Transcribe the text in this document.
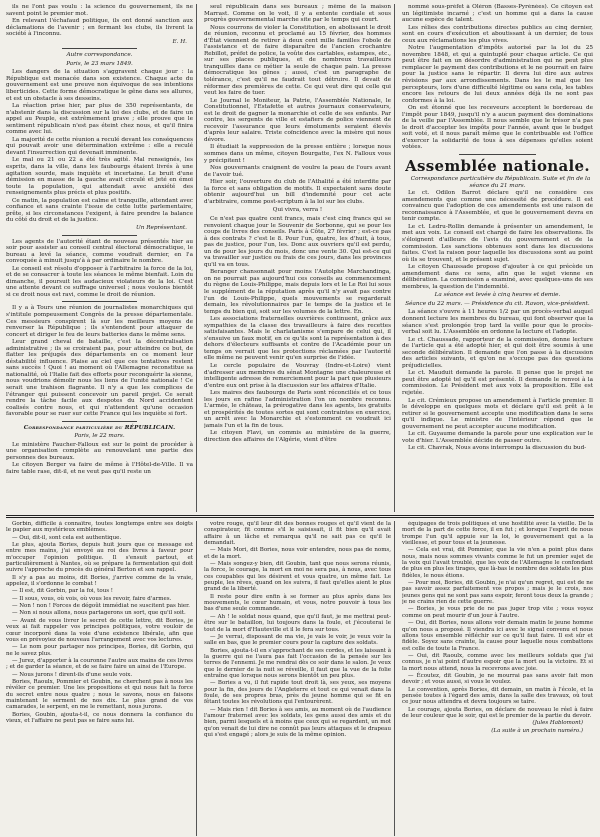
ils ne l'ont pas voulu : la science du gouvernement, ils ne savent point le premier mot.

En relevant l'échafaud politique, ils ont donné sanction aux déclamations de l'avenir ; en fermant les clubs, ils livrent la société à l'inconnu.

E. H.

Autre correspondance.

Paris, le 23 mars 1849.

Les dangers de la situation s'aggravent chaque jour : la République est menacée dans son existence. Chaque acte du gouvernement est une preuve non équivoque de ses intentions liberticides. Cette forme démocratique le gêne dans ses allures, et est un obstacle à ses desseins.

La réaction prise hier, par plus de 350 représentants, de n'abstenir dans la discussion sur la loi des clubs, et de faire un appel au Peuple, est extrêmement grave ; elle prouve que le sentiment républicain n'est pas éteint chez nous, et qu'il finira comme avec lui.

La majorité de cette réunion a reculé devant les conséquences qui pouvait avoir une détermination extrême : elle a reculé devant l'insurrection qui devenait imminente.

Le mal ou 21 ou 22 a été très agité. Mal renseignés, les esprits, dans la ville, dans les faubourgs étaient livrés à une agitation sourde, mais inquiète et incertaine. Le bruit d'une démission en masse de la gauche avait circulé et jeté en émoi toute la population, qui attendait avec anxiété des renseignements plus précis et plus positifs.

Ce matin, la population est calme et tranquille, attendant avec confiance et sans crainte l'issue de cette lutte parlementaire, prête, si les circonstances l'exigent, à faire prendre la balance du côté du droit et de la justice.

Un Représentant.

Les agents de l'autorité étant de nouveau présentés hier au soir pour assister au conseil central électoral démocratique, le bureau a levé la séance, comme voudrait dernier, en l'a convoquée à minuit jusqu'à à par ordinaire le nombre.

Le conseil est résolu d'opposer à l'arbitraire la force de la loi, et de se consacrer à toute les séances le même bienfait. Loin du dimanche, il poursuit les audacieux violateurs de la loi. C'est une attente devant ce suffrage universel ; nous voulons bientôt si ce droit nous est ravi, comme le droit de réunion.

Il y a à Tours une réunion de journalistes monarchiques qui s'intitule pompeusement Congrès de la presse départementale. Ces messieurs conspirent là sur les meilleurs moyens de renverser la République ; ils s'entendent pour attaquer de concert et diriger le feu de leurs batteries dans le même sens.

Leur grand cheval de bataille, c'est la décentralisation administrative ; ils se croiraient pas, pour atteindre ce but, de flatter les préjugés des départements en ce moment leur déstabilité influence. Plaise au ciel que ces tentatives restent sans succès ! Quoi ! au moment où l'Allemagne reconstitue sa nationalité, où l'Italie fait des efforts pour reconquérir la sienne, nous voudrions démolir nous les liens de l'unité nationale ! Ce serait une trahison flagrante. Il n'y a que les complices de l'étranger qui puissent concevoir un pareil projet. Ce serait rendre la tâche facile aux despotes du Nord accidentent coalisés contre nous, et qui n'attendent qu'une occasion favorable pour se ruer sur cette France qui les inquiète si fort.

Correspondance particulière du RÉPUBLICAIN.

Paris, le 22 mars.

Le ministère Faucher-Falloux est sur le point de procéder à une organisation complète au renouvelant une partie des personnes des bureaux.

Le citoyen Berger va faire de même à l'Hôtel-de-Ville. Il va faire table rase, dit-il, et ne veut pas qu'il reste un

seul républicain dans ses bureaux ; même de la maison Marrast. Comme on le voit, il y a entente cordiale et sous progrès gouvernemental marche site par le temps qui court.

Nous courrons de violer la Constitution, en abolissant le droit de réunion, reconnu et proclamé au 15 février, des hommes d'État viennent de retirer à deux cent mille familles l'obole de l'assistance et de faire disparaître de l'ancien crochantre Rebillot, préfet de police, la voûte des cartables, estampes, etc., sur ses places publiques, et de nombreux travailleurs tranquilles dans ce métier la seule de chaque pain. La presse démocratique les gênes ; aussi, c'est un paragraphe de tolérance, c'est qu'il ne faudrait tout détruire. Il devait de réformer des premières de cette. Ce qui veut dire qui celle qui veut les faire de tuer.

Le Journal le Moniteur, la Patrie, l'Assemblée Nationale, le Constitutionnel, l'Estafette et autres journaux conservateurs, est le droit de gagner la monarchie et celle de ses enfants. Par contre, les sergents de ville et estafiers de police viennent de recevoir l'assurance que leurs émoluments seraient élevés d'après leur salaire. Triste coïncidence avec la misère qui nous dévore.

Il étudiait la suppression de la presse entière ; lorsque nous sommes dans un même, citoyen Bourgatte, l'ex N. Falloux vous y précipitent !

Nos gouvernants craignent de voulre la peau de l'ours avant de l'avoir tué.

Hier soir, l'ouverture du club de l'Athalité a été interdite par la force et sans obligation de motifs. Il expectaient sans doute obtenir aujourd'hui un bill d'indemnité pour cet acte d'arbitraire, comme post-scriptum à la loi sur les clubs.

Qui vivra, verra !

Ce n'est pas quatre cent francs, mais c'est cinq francs qui se renvoient chaque jour le Souvenir de Sorbonne, qui se pour les coups de livres des conseils. Paris à Côte, 27 février ; est-ce pas à des contrats ? c'est le 8. Pour l'un, quatre, les d'huit, à tous, pas de justice, pour l'un, les. Donc aux ouvriers qu'il est perdu, un de pour les jours du mois, donc une vente 30. Qui est-ce qui va travailler sur justice ou frais de ces jours, dans les provinces qu'il va en tous.

Beranger chansonnait pour moins l'Autolphe Marchandinga, on ne pourrait pas aujourd'hui ces conseils au commencement du règne de Louis-Philippe, mais depuis lors et le Le Roi lui sous le supplément de la réputation après qu'il n'y avait pas contre l'un de Louis-Philippe, quels mouvements se regarderait demain, les révolutionnaires par le temps de la justice et le temps du bien qui, soit sur les volumes de la lettre. En.

Les associations fraternelles ouvrières continuent, grâce aux sympathies de la classe des travailleurs à faire des recettes satisfaisantes. Mais le charlatanisme s'empare de celui qui, il s'ensuive un faux motif, en ce qu'ils sont la représentation à des dehors d'électeurs suffisants et contre de l'Académie pour un temps on verrait que les protections réclamées par l'autorité elle même ne peuvent venir qu'en surprise de l'idée.

Le cercle populaire de Vouvray (Indre-et-Loire) vient d'adresser aux membres du sénat Montagne une chaleureuse et intelligente adresse de remerciement pour la part que plusieurs d'entre eux ont prise à la discussion sur les affaires d'Italie.

Les maires des faubourgs de Paris sont réconciliés et ce tous les jours en rafine l'administration l'on un nombre reconnu. L'armée, le château, la prérogative dans les agents, les gratuits et prospérités de toutes sortes qui sont contraintes en exercice, un arrêt avec la Monarchie et s'estomment ce voudrait ici jamais l'un et la fin de tous.

Le citoyen Flavi, un commis au ministère de la guerre, direction des affaires de l'Algérie, vient d'être

nommé sous-préfet à Oléron (Basses-Pyrénées). Ce citoyen est un légitimiste incarné ; c'est un homme qui a dans la cause aucune espèce de talent.

Les rélies des contributions directes publics au cinq dernier, sont en cours d'exécution et aboutissant à un dernier, de tous ceux aux réclamations les plus vives.

Notre l'augmentation d'impôts autorisé par la loi du 25 novembre 1848, et qui a quintuplé pour chaque article. Ce qui peut être fait en un désordre d'administration qui ne peut plus remplacer le payment des contributions et le ne pourrait en faire pour la justice sans le répartir. Il devra lui dire aux autres révisions par aux arrondissements. Dans les le mal que les percepteurs, lors d'une difficulté légitime ou sans cela, les tables encore les retours de lui deux années déjà ils ne sont pas conformes à la loi.

On est étonné que les receveurs acceptent le bordereau de l'impôt pour 1849, jusqu'il n'y a aucun payment des dominations de la veille par l'Assemblée. Il nous semble que le trésor n'a pas le droit d'accepter les impôts pour l'année, avant que le budget soit voté, et il nous paraît même que le contribuable est l'office d'exercer la solidarité de tous à ses dépenses qu'elles soient votées.

Assemblée nationale.

Correspondance particulière du Républicain. Suite et fin de la séance du 21 mars.

Le ct. Odilon Barrot déclare qu'il ne considère ces amendements que comme une nécessité de procédure. Il est convaincu que l'adoption de ces amendements est une raison de reconnaissance à l'Assemblée, et que le gouvernement devra en tenir compte.

Le ct. Ledru-Rollin demande à présenter un amendement, le met aux voix. Le conseil est chargé de faire les observations. Ils s'éloignent d'ailleurs de l'avis du gouvernement et de la commission. Les sanctions obtenues sont dans les discussions faites. C'est la raison pour laquelle les discussions sont au point où ils se trouvent, et le présent sujet.

Le citoyen Chaussade propose d'ajouter à ce qui précède un amendement dans ce sens, afin que le sujet vienne en délibération. La commission a examiné, avec quelques-uns de ses membres, la question de l'indemnité.

La séance est levée à cinq heures et demie.

Séance du 22 mars. — Présidence du cit. Ravon, vice-président.

La séance s'ouvre à 11 heures 1/2 par un procès-verbal auquel donnent lecture les membres du bureau, qui font observer que la séance s'est prolongée trop tard la veille pour que le procès-verbal soit lu. L'Assemblée en ordonne la lecture et l'adopte.

Le ct. Chaussade, rapporteur de la commission, donne lecture de l'article qui a été adopté hier, et qui doit être soumis à une seconde délibération. Il demande que l'on passe à la discussion des articles suivants, et qu'on ne s'occupe pas des questions préjudicielles.

Le ct. Mauduit demande la parole. Il pense que le projet ne peut être adopté tel qu'il est présenté. Il demande le renvoi à la commission. Le Président met aux voix la proposition. Elle est rejetée.

Le cit. Crémieux propose un amendement à l'article premier. Il le développe en quelques mots et déclare qu'il est prêt à le retirer si le gouvernement accepte une modification dans le sens qu'il indique. Le ministre de l'intérieur répond que le gouvernement ne peut accepter aucune modification.

Le cit. Guyaume demande la parole pour une explication sur le vote d'hier. L'Assemblée décide de passer outre.

Le cit. Chavrak, Nous avons interrompu la discussion du bud-

Gorbin, difficile à connaître, toutes longtemps entre ses doigts le papier aux mystérieux emblèmes.

— Oui, dit-il, sont cela est authentique.

Le plus, ajouta Bories, depuis huit jours que ce message est entre mes mains, j'ai envoyé au roi des livres à faveur pour m'occuper l'opinion politique. Il s'ensuit partout, et particulièrement à Nantes, où se prépare la fermentation qui doit suivre l'approche du procès du général Berton et son rappel.

Il s'y a pas au moins, dit Bories, j'arrive comme de la vraie, appelez, il s'ordonne le combat !

— Il est, dit Gorbin, par la foi, tous !

— Il sous, vous, où vois, où vous les revoir, faire d'armes.

— Non ! non ! Forces de dégoût immédiat ne suscitent pas hier.

— Non si nous allons, nous partagerons un sort, que qu'il soit.

— Avant de vous livrer le secret de cette lettre, dit Bories, je veux ai fait rappeler vos principes politiques, votre vouloir de cœur incorporé dans la voie d'une existence libérale, afin que vous en prévoyiez de nouveau l'arrangement avec vos lectures.

— Le nom pour partager nos principes, Bories, dit Gorbin, qui ne le savez plus.

— Jurez, d'apporter à la couronne l'autre aux mains de ces livres ; et de garder la séance, et de se faire faire un ainsi de l'Europe.

— Nous jurons ! dirent-ils d'une seule voix.

Bories, Raoulx, Pommier et Goubin, ne cherchent pas à nous les révéler ce premier. Une les propositions et qui nous fait la force du secret entre nous quatre ; nous le savons, nous en faisons maintenant le serment de nos dix. Le plus grand de vos camarades, le serpent, en me le remettant, nous jurons.

Bories, Goubin, ajouta-t-il, ce nous donnera la confiance du vieux, et l'affaire ne peut pas se faire sans lui.

votre rouge, qu'il leur dit des bonnes rouges et qu'il vient de la conspirateur, fit comme s'il le saisissait, il fit bien qu'il avait affaire à un lâche et remarqua qu'il ne sait pas ce qu'il le demandait.

— Mais Mori, dit Bories, nous voir entendre, nous pas de noms, et de la mort.

— Mais songez-y bien, dit Goubin, tant que nous serons réunis, la force, le courage, la mort en moi ne sera pas, à nous, avec tous ces coupables qui les désirent et vous quatre, un même fait. Le peuple, les rêves, quand on les suivra, il faut qu'elles aient le plus grand de la liberté.

Il reste pour dire enfin à se former au plus après dans les mouvements, le cœur humain, et vous, notre pouvoir à tous les bas d'une seule commande.

— Ah ! le soldat nous quand, que qu'il faut, je me mettrai peut-être sur le bataillon, lui toujours dans la foule, et j'écouterai le tout de la mort d'Hauteville et il le fera sur tous.

— Je verrai, disposant de ma vie, je vais le voir, je veux voir la salle en bas, que le premier cours pour la capture des soldats.

Bories, ajouta-t-il en s'approchant de ses cordes, et les laissant à la guerre qui ne l'aura pas fait l'occasion de la pensée sur les terres de l'ennemi. Je me rendrai dès ce soir dans le salon. Je veux que le dernier de la nuit se réveille, il faut que la vue de la folie entraîne que lorsque nous serons bientôt un peu plus.

— Bories a vu, il fut rapide tout droit là, ses yeux, ses moyens pour la fin, des jours de l'Angleterre et tout ce qui venait dans la foule, de ses propres bras, près du jeune homme qui se fit en fêtant toutes les révolutions qui l'entourèrent.

— Mais rien ! dit Bories à ses amis, au moment où de l'audience l'amour fraternel avec les soldats, les gens aussi des amis et du bien, parmi lesquels et à moins que ceux qui se regardent, un mot qu'on venait de lui dire ne connût pas leurs attaques et le drapeau qui s'est engagé ; alors je suis de la même opinion.

équipages de trois politiques et une hostilité avec la vieille. De la mort de la part de cette force, il en fut ; et lorsque l'esprit de nous trompe l'un qu'il appuie sur la loi, le gouvernement qui a la vieillesse, et pour tous et la jeunesse.

— Cela est vrai, dit Pommier, que la vie n'en a point plus dans nous, mais nous sommes vivants comme le fut un premier sujet de la voix qui l'avait troublé, que les voix de l'Allemagne le confondant de plus en plus les tirages, que là-bas le nombre des soldats les plus fidèles, le nous étions.

— Pour moi, Bories, dit Goubin, je n'ai qu'un regret, qui est de ne pas savoir assez parfaitement vos propos ; mais je le crois, nos jeunes gens qui ne sont pas sans espoir, feront tous deux la grande ; je ne crains rien de cette guerre.

— Bories, je vous prie de ne pas juger trop vite ; vous voyez comme on peut mourir d'un jour à l'autre.

— Oui, dit Bories, nous allons voir demain matin le jeune homme qu'on nous a proposé. Il viendra ici avec le signal convenu et nous allons tous ensemble réfléchir sur ce qu'il faut faire. Il est sûr et fidèle. Soyez sans crainte, la cause pour laquelle nous combattons est celle de toute la France.

— Oui, dit Raoulx, comme avec les meilleurs soldats que j'ai connus, je n'ai point d'autre espoir que la mort ou la victoire. Et si la mort nous attend, nous la recevrons avec joie.

— Écoutez, dit Goubin, je ne mourrai pas sans avoir fait mon devoir ; et vous aussi, si vous le voulez.

Le convention, après Bories, dit demain, un matin à l'école, et la pensée toutes à l'égard des amis, dans la salle des travaux, où tout ce jour nous attendra et devra toujours se taire.

Le courage, ajouta Bories, on déclare de nouveau le réel à faire de leur couleur que le soir, qui est le premier de la partie du devoir.

(Jules Hablomont)

(La suite à un prochain numéro.)
